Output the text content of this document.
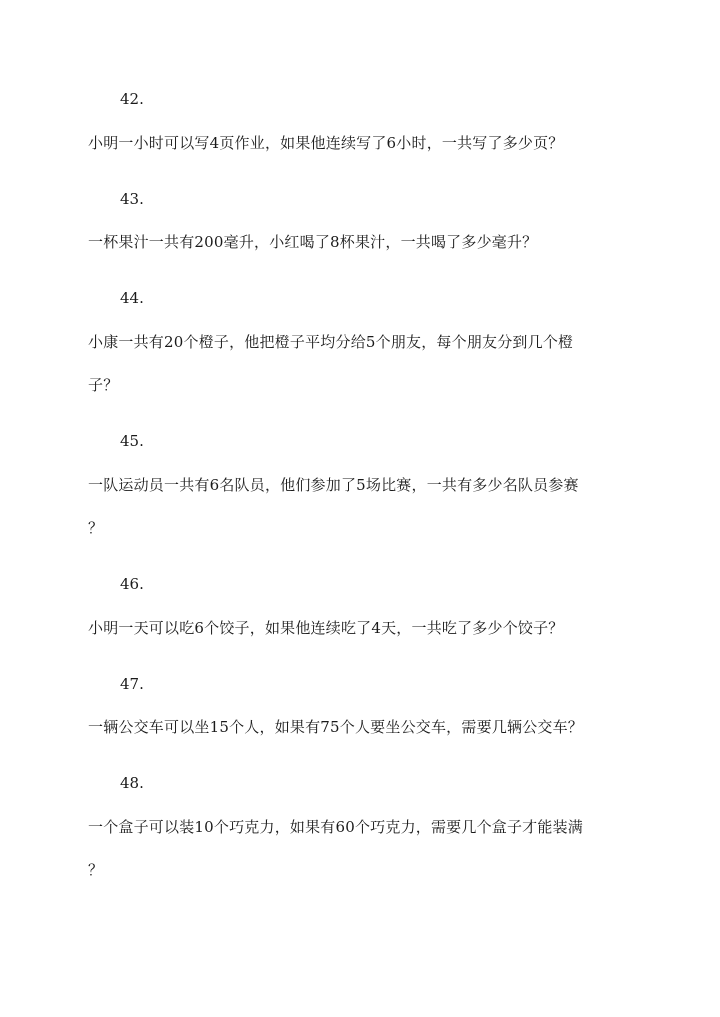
42.
小明一小时可以写4页作业，如果他连续写了6小时，一共写了多少页？
43.
一杯果汁一共有200毫升，小红喝了8杯果汁，一共喝了多少毫升？
44.
小康一共有20个橙子，他把橙子平均分给5个朋友，每个朋友分到几个橙
子？
45.
一队运动员一共有6名队员，他们参加了5场比赛，一共有多少名队员参赛
？
46.
小明一天可以吃6个饺子，如果他连续吃了4天，一共吃了多少个饺子？
47.
一辆公交车可以坐15个人，如果有75个人要坐公交车，需要几辆公交车？
48.
一个盒子可以装10个巧克力，如果有60个巧克力，需要几个盒子才能装满
？
